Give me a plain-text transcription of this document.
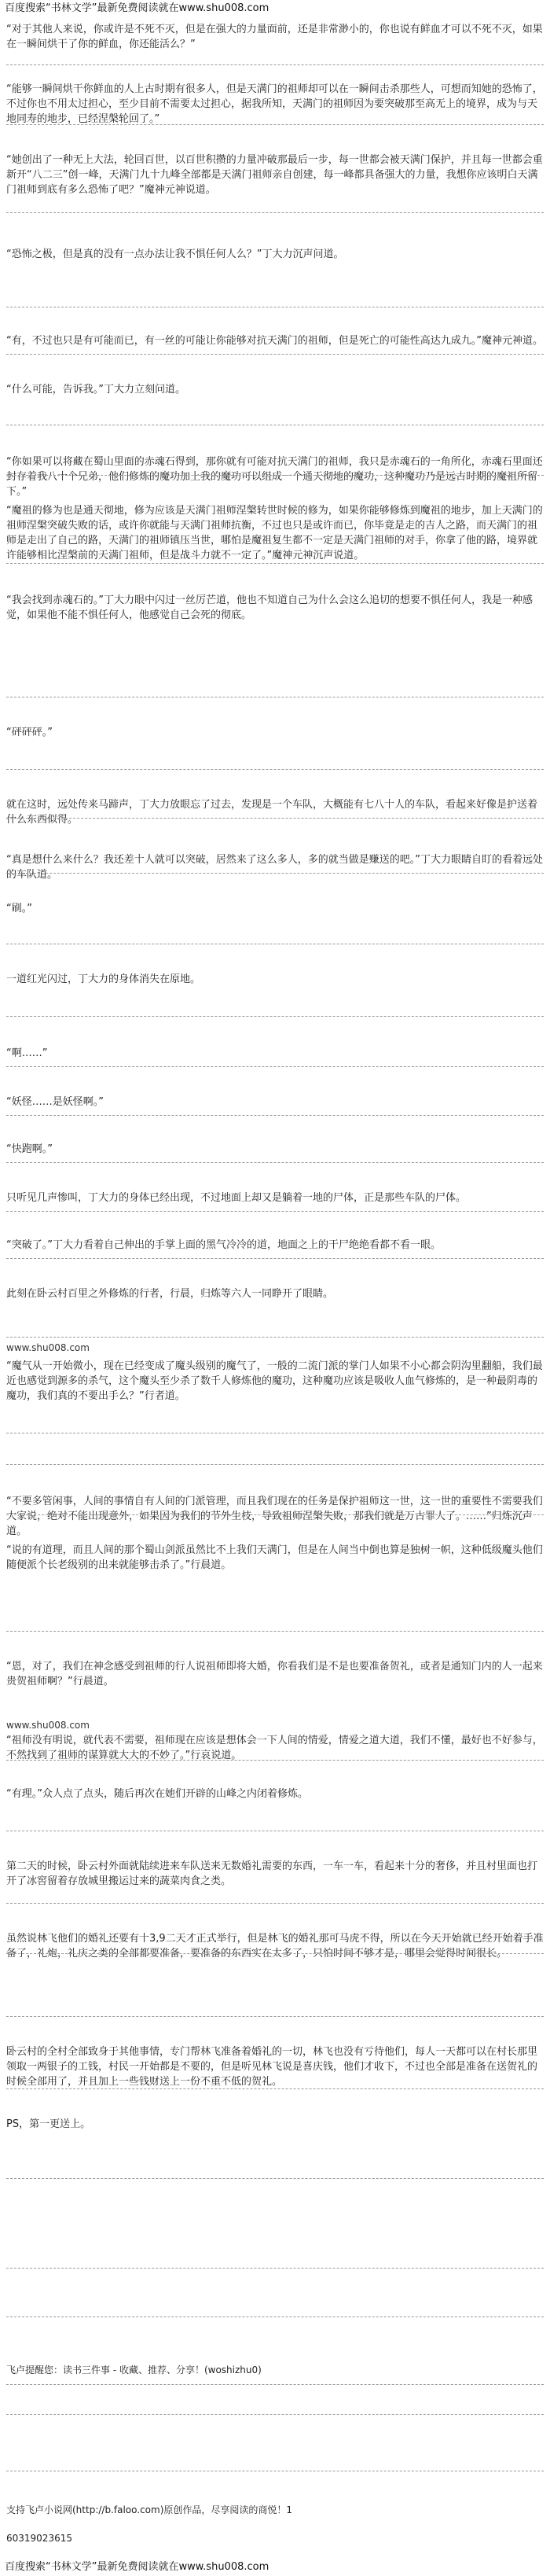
百度搜索“书林文学”最新免费阅读就在www.shu008.com
“对于其他人来说，你或许是不死不灭，但是在强大的力量面前，还是非常渺小的，你也说有鲜血才可以不死不灭，如果在一瞬间烘干了你的鲜血，你还能活么？”
“能够一瞬间烘干你鲜血的人上古时期有很多人，但是天满门的祖师却可以在一瞬间击杀那些人，可想而知她的恐怖了，不过你也不用太过担心，至少目前不需要太过担心，据我所知，天满门的祖师因为要突破那至高无上的境界，成为与天地同寿的地步，已经涅槃轮回了。”
“她创出了一种无上大法，轮回百世，以百世积攒的力量冲破那最后一步，每一世都会被天满门保护，并且每一世都会重新开“八二三”创一峰，天满门九十九峰全部都是天满门祖师亲自创建，每一峰都具备强大的力量，我想你应该明白天满门祖师到底有多么恐怖了吧？”魔神元神说道。
“恐怖之极，但是真的没有一点办法让我不惧任何人么？”丁大力沉声问道。
“有，不过也只是有可能而已，有一丝的可能让你能够对抗天满门的祖师，但是死亡的可能性高达九成九。”魔神元神道。
“什么可能，告诉我。”丁大力立刻问道。
“你如果可以将藏在蜀山里面的赤魂石得到，那你就有可能对抗天满门的祖师，我只是赤魂石的一角所化，赤魂石里面还封存着我八十个兄弟，他们修炼的魔功加上我的魔功可以组成一个通天彻地的魔功，这种魔功乃是远古时期的魔祖所留下。”
“魔祖的修为也是通天彻地，修为应该是天满门祖师涅槃转世时候的修为，如果你能够修炼到魔祖的地步，加上天满门的祖师涅槃突破失败的话，或许你就能与天满门祖师抗衡，不过也只是或许而已，你毕竟是走的吉人之路，而天满门的祖师是走出了自己的路，天满门的祖师镇压当世，哪怕是魔祖复生都不一定是天满门祖师的对手，你拿了他的路，境界就许能够相比涅槃前的天满门祖师，但是战斗力就不一定了。”魔神元神沉声说道。
“我会找到赤魂石的。”丁大力眼中闪过一丝厉芒道，他也不知道自己为什么会这么追切的想要不惧任何人，我是一种感觉，如果他不能不惧任何人，他感觉自己会死的彻底。
“砰砰砰。”
就在这时，远处传来马蹄声，丁大力放眼忘了过去，发现是一个车队，大概能有七八十人的车队，看起来好像是护送着什么东西似得。
“真是想什么来什么？我还差十人就可以突破，居然来了这么多人，多的就当做是赚送的吧。”丁大力眼睛自盯的看着远处的车队道。
“刷。”
一道红光闪过，丁大力的身体消失在原地。
“啊……”
“妖怪……是妖怪啊。”
“快跑啊。”
只听见几声惨叫，丁大力的身体已经出现，不过地面上却又是躺着一地的尸体，正是那些车队的尸体。
“突破了。”丁大力看着自己伸出的手掌上面的黑气冷冷的道，地面之上的干尸绝绝看都不看一眼。
此刻在卧云村百里之外修炼的行者，行晨，归炼等六人一同睁开了眼睛。
www.shu008.com
“魔气从一开始微小，现在已经变成了魔头级别的魔气了，一般的二流门派的掌门人如果不小心都会阴沟里翻船，我们最近也感觉到源多的杀气，这个魔头至少杀了数千人修炼他的魔功，这种魔功应该是吸收人血气修炼的，是一种最阴毒的魔功，我们真的不要出手么？”行者道。
“不要多管闲事，人间的事情自有人间的门派管理，而且我们现在的任务是保护祖师这一世，这一世的重要性不需要我们大家说，绝对不能出现意外，如果因为我们的节外生枝，导致祖师涅槃失败，那我们就是万古罪人了。……”归炼沉声道。
“说的有道理，而且人间的那个蜀山剑派虽然比不上我们天满门，但是在人间当中倒也算是独树一帜，这种低级魔头他们随便派个长老级别的出来就能够击杀了。”行晨道。
“恩，对了，我们在神念感受到祖师的行人说祖师即将大婚，你看我们是不是也要准备贺礼，或者是通知门内的人一起来贵贺祖师啊？”行晨道。
www.shu008.com
“祖师没有明说，就代表不需要，祖师现在应该是想体会一下人间的情爱，情爱之道大道，我们不懂，最好也不好参与，不然找到了祖师的谋算就大大的不妙了。”行哀说道。
“有理。”众人点了点头，随后再次在她们开辟的山峰之内闭着修炼。
第二天的时候，卧云村外面就陆续进来车队送来无数婚礼需要的东西，一车一车，看起来十分的奢侈，并且村里面也打开了冰窖留着存放城里搬运过来的蔬菜肉食之类。
虽然说林飞他们的婚礼还要有十3,9二天才正式举行，但是林飞的婚礼那可马虎不得，所以在今天开始就已经开始着手准备了，礼炮，礼庆之类的全部都要准备，要准备的东西实在太多了，只怕时间不够才是，哪里会觉得时间很长。
卧云村的全村全部致身于其他事情，专门帮林飞准备着婚礼的一切，林飞也没有亏待他们，每人一天都可以在村长那里领取一两银子的工钱，村民一开始都是不要的，但是听见林飞说是喜庆钱，他们才收下，不过也全部是准备在送贺礼的时候全部用了，并且加上一些钱财送上一份不重不低的贺礼。
PS，第一更送上。
飞卢提醒您：读书三件事 - 收藏、推荐、分享！(woshizhu0)
支持飞卢小说网(http://b.faloo.com)原创作品，尽享阅读的商悦！1
60319023615
百度搜索“书林文学”最新免费阅读就在www.shu008.com
